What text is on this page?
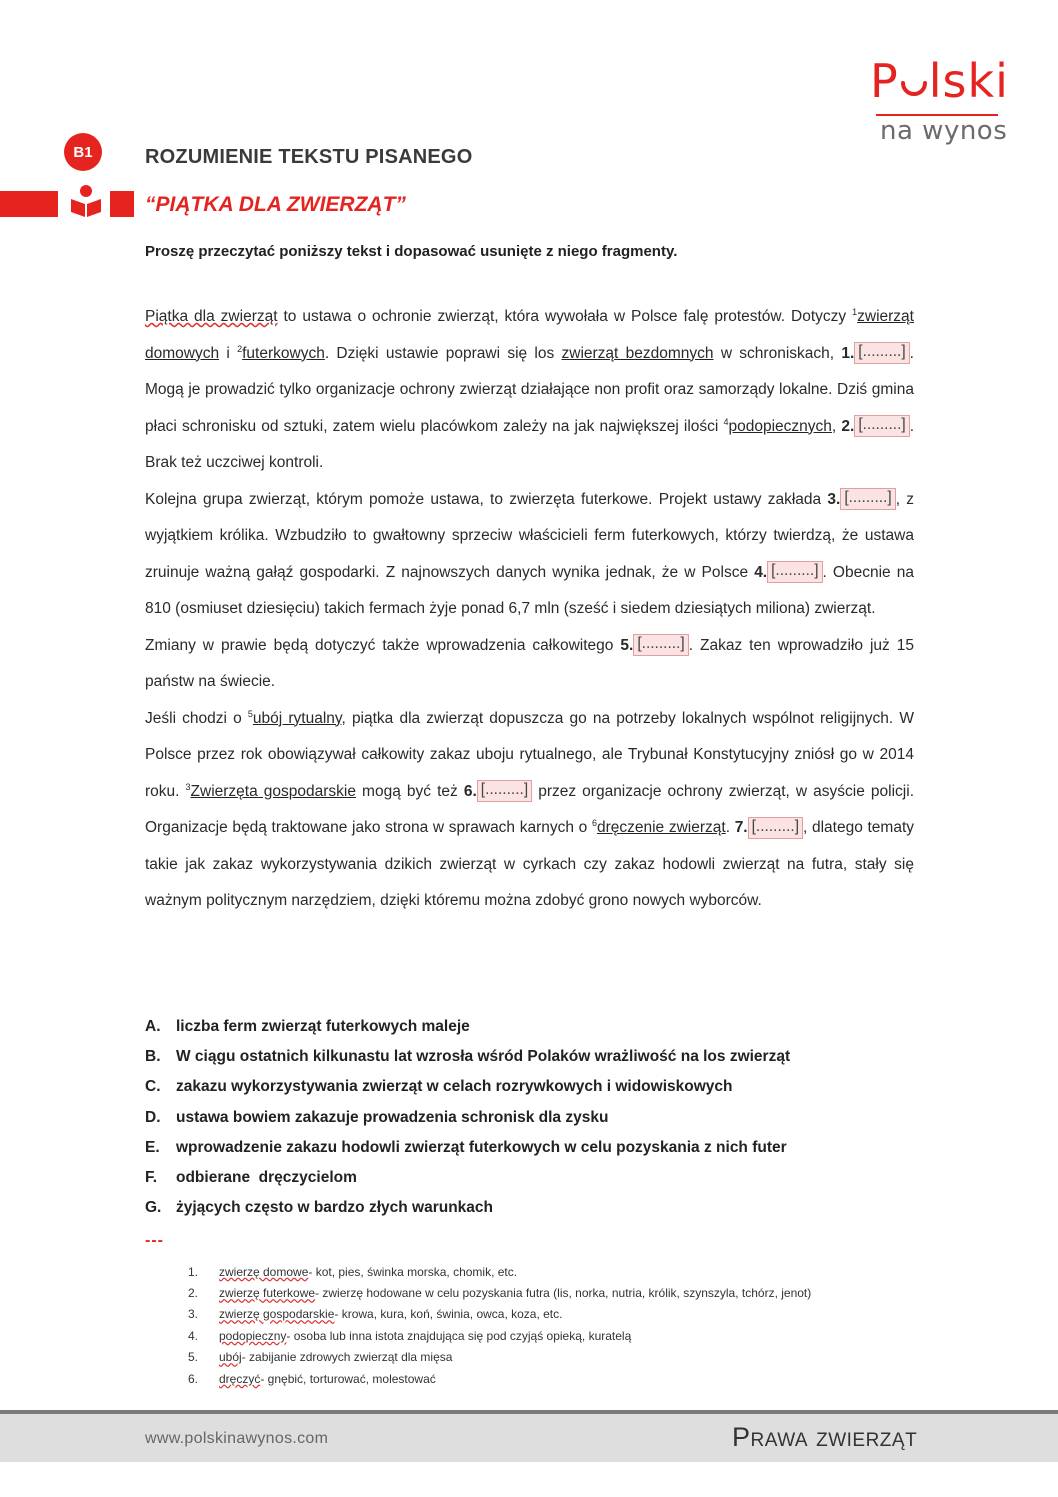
P lski
na wynos
B1	ROZUMIENIE TEKSTU PISANEGO
“PIĄTKA DLA ZWIERZĄT”
Proszę przeczytać poniższy tekst i dopasować usunięte z niego fragmenty.

Piątka dla zwierząt to ustawa o ochronie zwierząt, która wywołała w Polsce falę protestów. Dotyczy $^1$zwierząt domowych i $^2$futerkowych. Dzięki ustawie poprawi się los zwierząt bezdomnych w schroniskach, 1. [.........] . Mogą je prowadzić tylko organizacje ochrony zwierząt działające non profit oraz samorządy lokalne. Dziś gmina płaci schronisku od sztuki, zatem wielu placówkom zależy na jak największej ilości $^4$podopiecznych, 2. [.........] . Brak też uczciwej kontroli.

Kolejna grupa zwierząt, którym pomoże ustawa, to zwierzęta futerkowe. Projekt ustawy zakłada 3. [.........] , z wyjątkiem królika. Wzbudziło to gwałtowny sprzeciw właścicieli ferm futerkowych, którzy twierdzą, że ustawa zruinuje ważną gałąź gospodarki. Z najnowszych danych wynika jednak, że w Polsce 4. [.........] . Obecnie na 810 (osmiuset dziesięciu) takich fermach żyje ponad 6,7 mln (sześć i siedem dziesiątych miliona) zwierząt.

Zmiany w prawie będą dotyczyć także wprowadzenia całkowitego 5. [.........] . Zakaz ten wprowadziło już 15 państw na świecie.

Jeśli chodzi o $^5$ubój rytualny, piątka dla zwierząt dopuszcza go na potrzeby lokalnych wspólnot religijnych. W Polsce przez rok obowiązywał całkowity zakaz uboju rytualnego, ale Trybunał Konstytucyjny zniósł go w 2014 roku. $^3$Zwierzęta gospodarskie mogą być też 6. [.........] przez organizacje ochrony zwierząt, w asyście policji. Organizacje będą traktowane jako strona w sprawach karnych o $^6$dręczenie zwierząt. 7. [.........] , dlatego tematy takie jak zakaz wykorzystywania dzikich zwierząt w cyrkach czy zakaz hodowli zwierząt na futra, stały się ważnym politycznym narzędziem, dzięki któremu można zdobyć grono nowych wyborców.

A.	liczba ferm zwierząt futerkowych maleje
B.	W ciągu ostatnich kilkunastu lat wzrosła wśród Polaków wrażliwość na los zwierząt
C.	zakazu wykorzystywania zwierząt w celach rozrywkowych i widowiskowych
D.	ustawa bowiem zakazuje prowadzenia schronisk dla zysku
E.	wprowadzenie zakazu hodowli zwierząt futerkowych w celu pozyskania z nich futer
F.	odbierane  dręczycielom
G. żyjących często w bardzo złych warunkach
---
1.	zwierzę domowe - kot, pies, świnka morska, chomik, etc.
2.	zwierzę futerkowe - zwierzę hodowane w celu pozyskania futra (lis, norka, nutria, królik, szynszyla, tchórz, jenot)
3.	zwierzę gospodarskie - krowa, kura, koń, świnia, owca, koza, etc.
4.	podopieczny - osoba lub inna istota znajdująca się pod czyjąś opieką, kuratelą
5.	ubój - zabijanie zdrowych zwierząt dla mięsa
6.	dręczyć - gnębić, torturować, molestować
www.polskinawynos.com	Prawa zwierząt
